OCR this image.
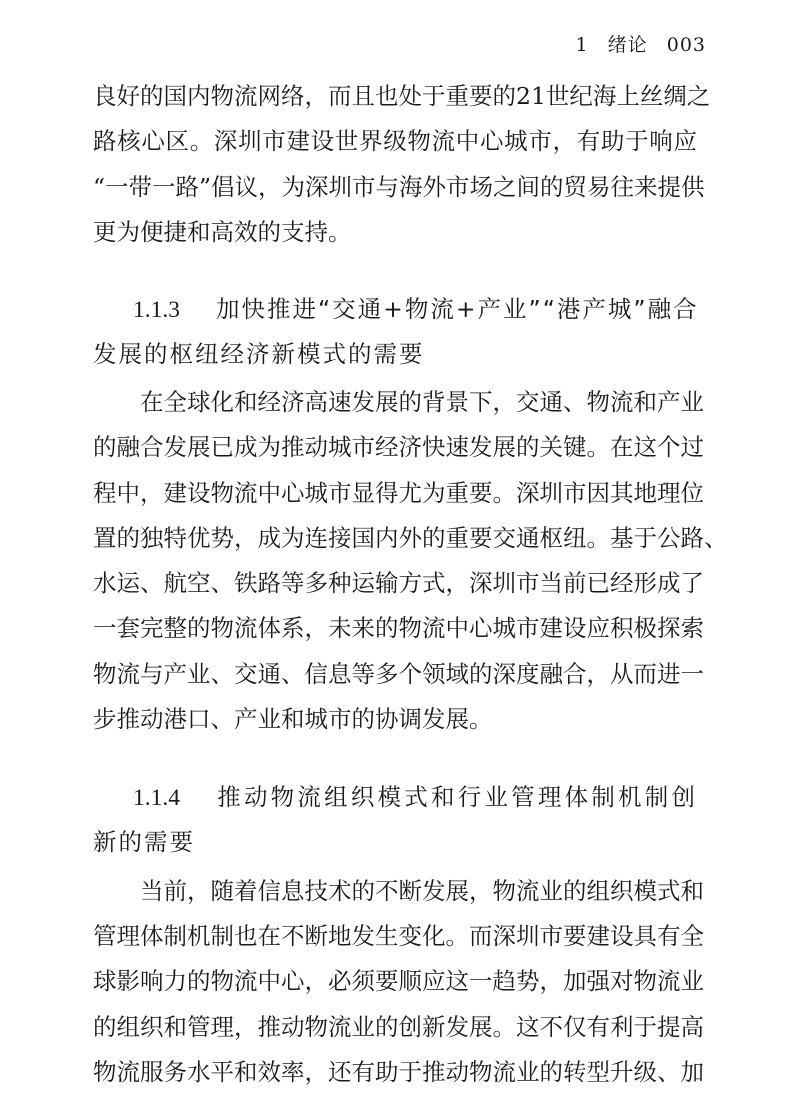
1 绪论 003
良好的国内物流网络，而且也处于重要的21世纪海上丝绸之
路核心区。深圳市建设世界级物流中心城市，有助于响应
“一带一路”倡议，为深圳市与海外市场之间的贸易往来提供
更为便捷和高效的支持。
1.1.3 加快推进“交通+物流+产业”“港产城”融合
发展的枢纽经济新模式的需要
在全球化和经济高速发展的背景下，交通、物流和产业
的融合发展已成为推动城市经济快速发展的关键。在这个过
程中，建设物流中心城市显得尤为重要。深圳市因其地理位
置的独特优势，成为连接国内外的重要交通枢纽。基于公路、
水运、航空、铁路等多种运输方式，深圳市当前已经形成了
一套完整的物流体系，未来的物流中心城市建设应积极探索
物流与产业、交通、信息等多个领域的深度融合，从而进一
步推动港口、产业和城市的协调发展。
1.1.4 推动物流组织模式和行业管理体制机制创
新的需要
当前，随着信息技术的不断发展，物流业的组织模式和
管理体制机制也在不断地发生变化。而深圳市要建设具有全
球影响力的物流中心，必须要顺应这一趋势，加强对物流业
的组织和管理，推动物流业的创新发展。这不仅有利于提高
物流服务水平和效率，还有助于推动物流业的转型升级、加
